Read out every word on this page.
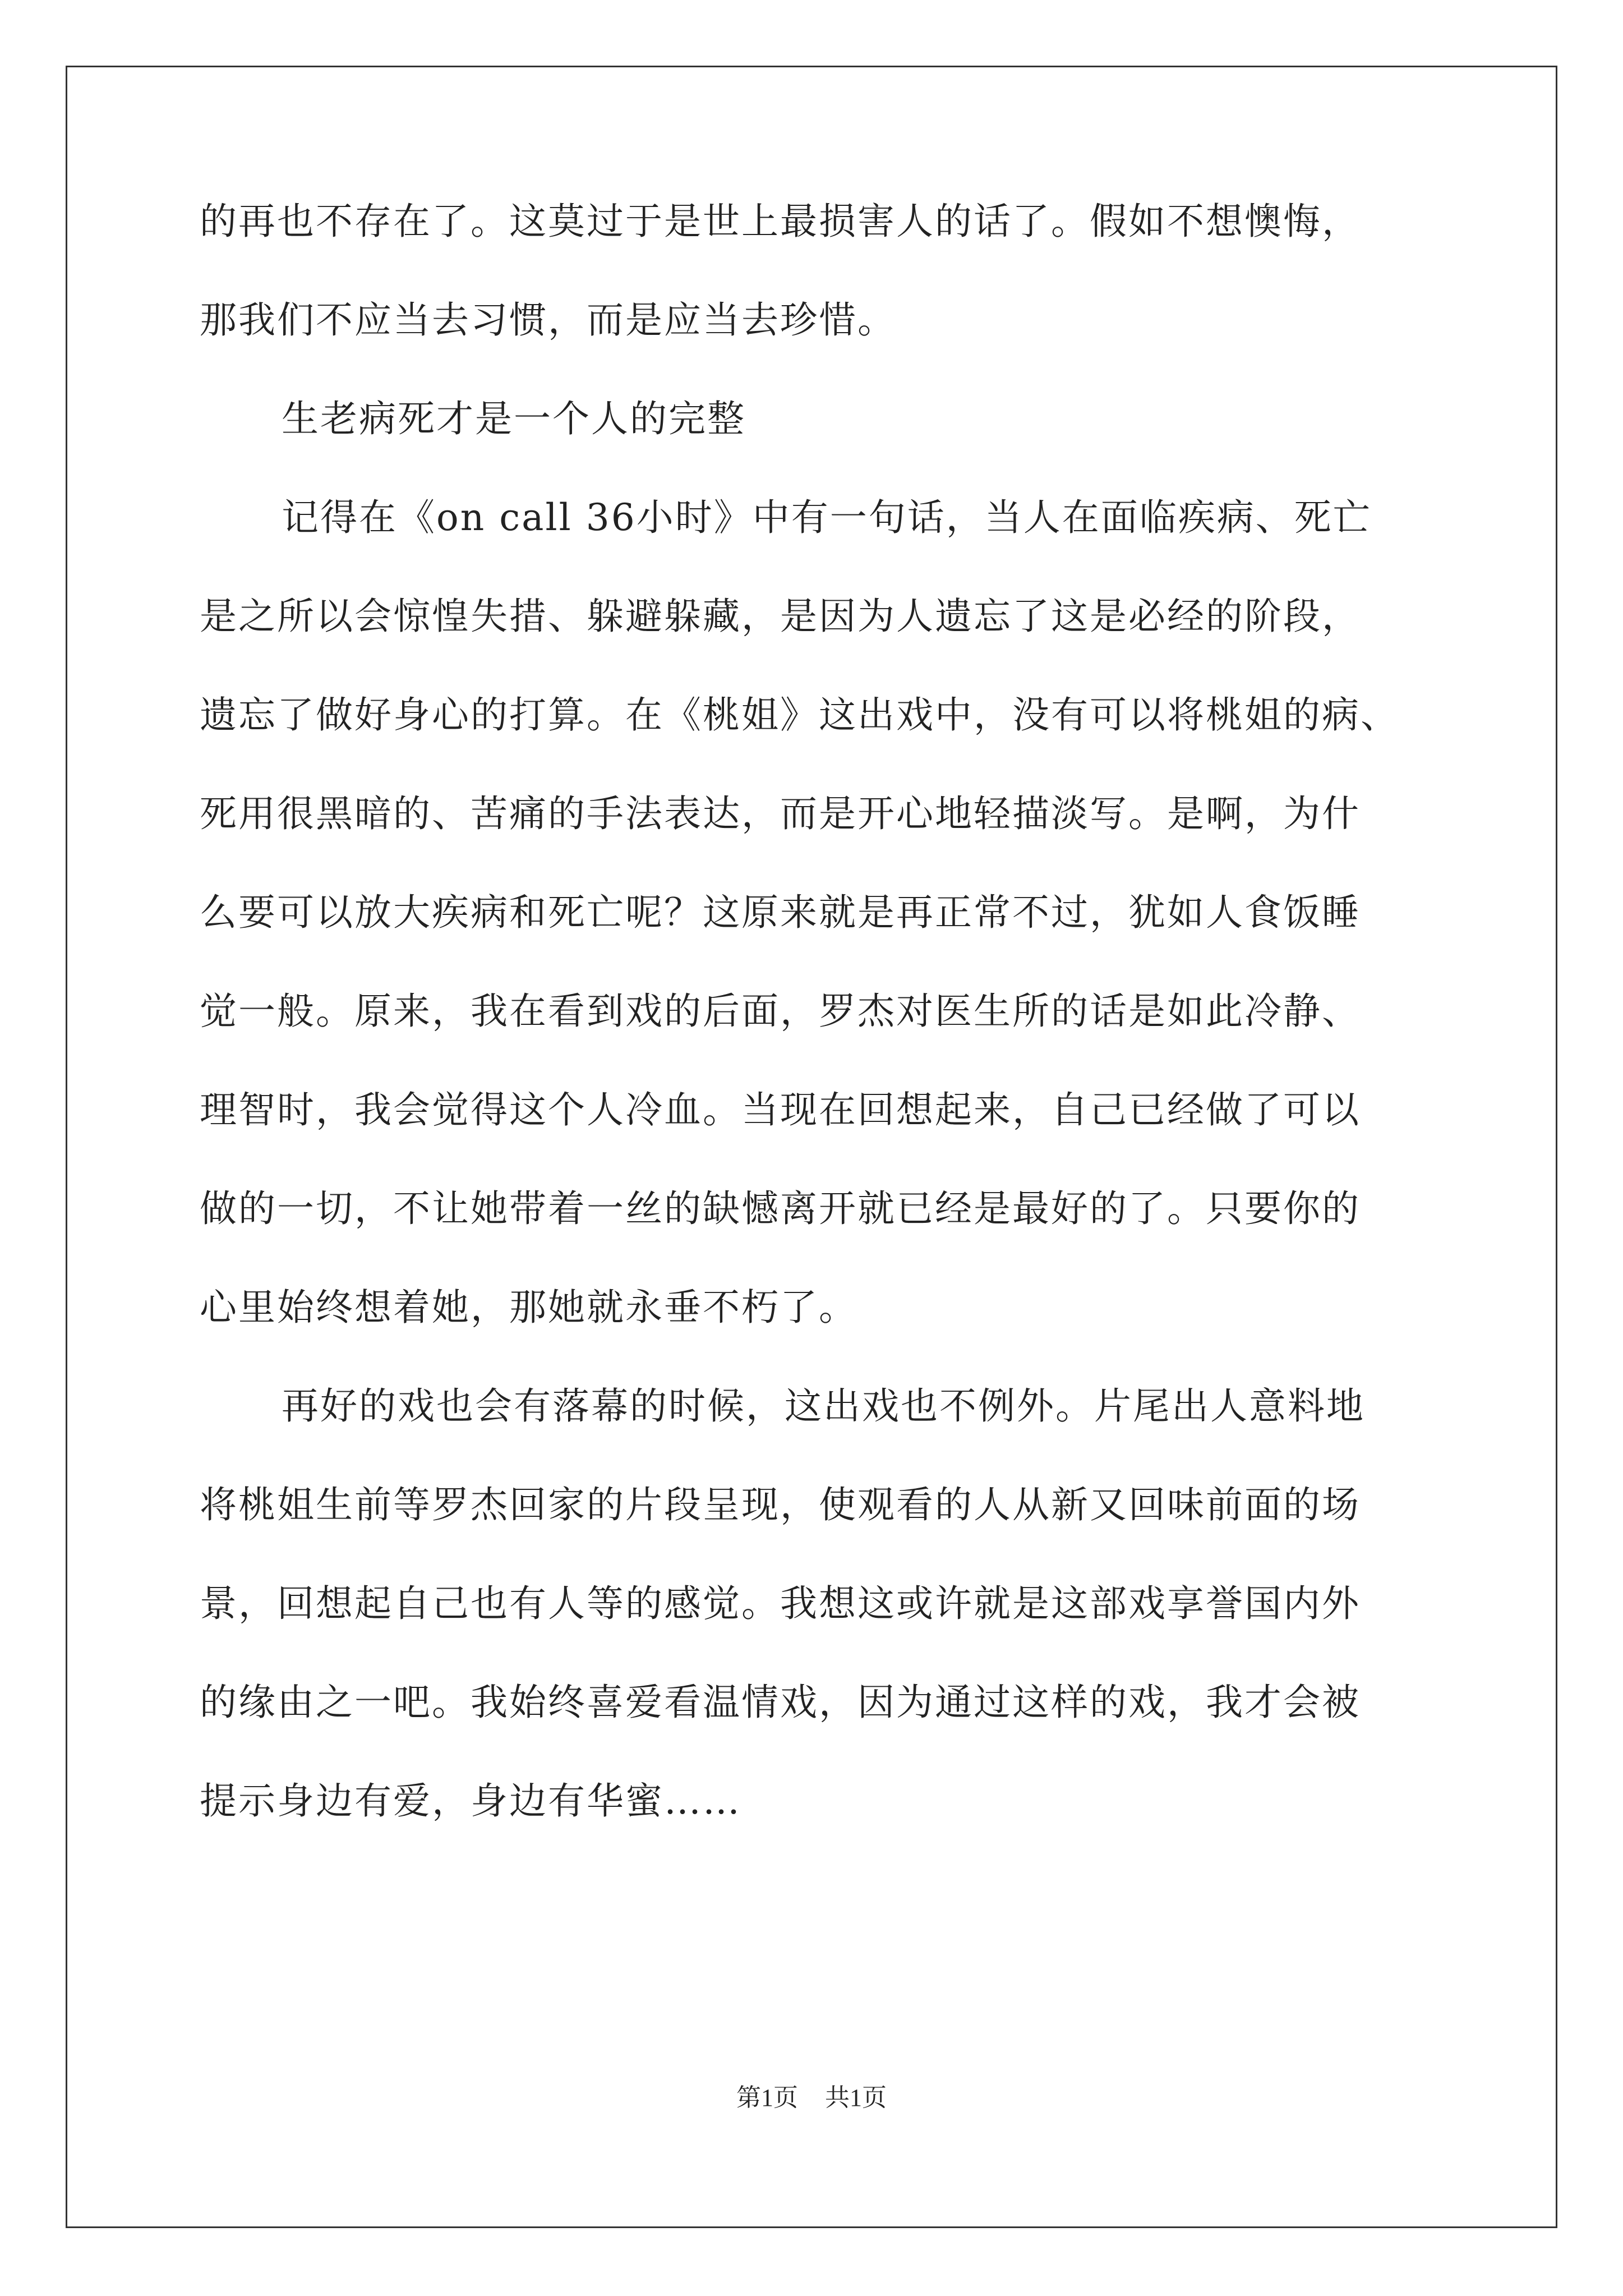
的再也不存在了。这莫过于是世上最损害人的话了。假如不想懊悔，
那我们不应当去习惯，而是应当去珍惜。
生老病死才是一个人的完整
记得在《on call 36小时》中有一句话，当人在面临疾病、死亡
是之所以会惊惶失措、躲避躲藏，是因为人遗忘了这是必经的阶段，
遗忘了做好身心的打算。在《桃姐》这出戏中，没有可以将桃姐的病、
死用很黑暗的、苦痛的手法表达，而是开心地轻描淡写。是啊，为什
么要可以放大疾病和死亡呢？这原来就是再正常不过，犹如人食饭睡
觉一般。原来，我在看到戏的后面，罗杰对医生所的话是如此冷静、
理智时，我会觉得这个人冷血。当现在回想起来，自己已经做了可以
做的一切，不让她带着一丝的缺憾离开就已经是最好的了。只要你的
心里始终想着她，那她就永垂不朽了。
再好的戏也会有落幕的时候，这出戏也不例外。片尾出人意料地
将桃姐生前等罗杰回家的片段呈现，使观看的人从新又回味前面的场
景，回想起自己也有人等的感觉。我想这或许就是这部戏享誉国内外
的缘由之一吧。我始终喜爱看温情戏，因为通过这样的戏，我才会被
提示身边有爱，身边有华蜜……
第1页 共1页
